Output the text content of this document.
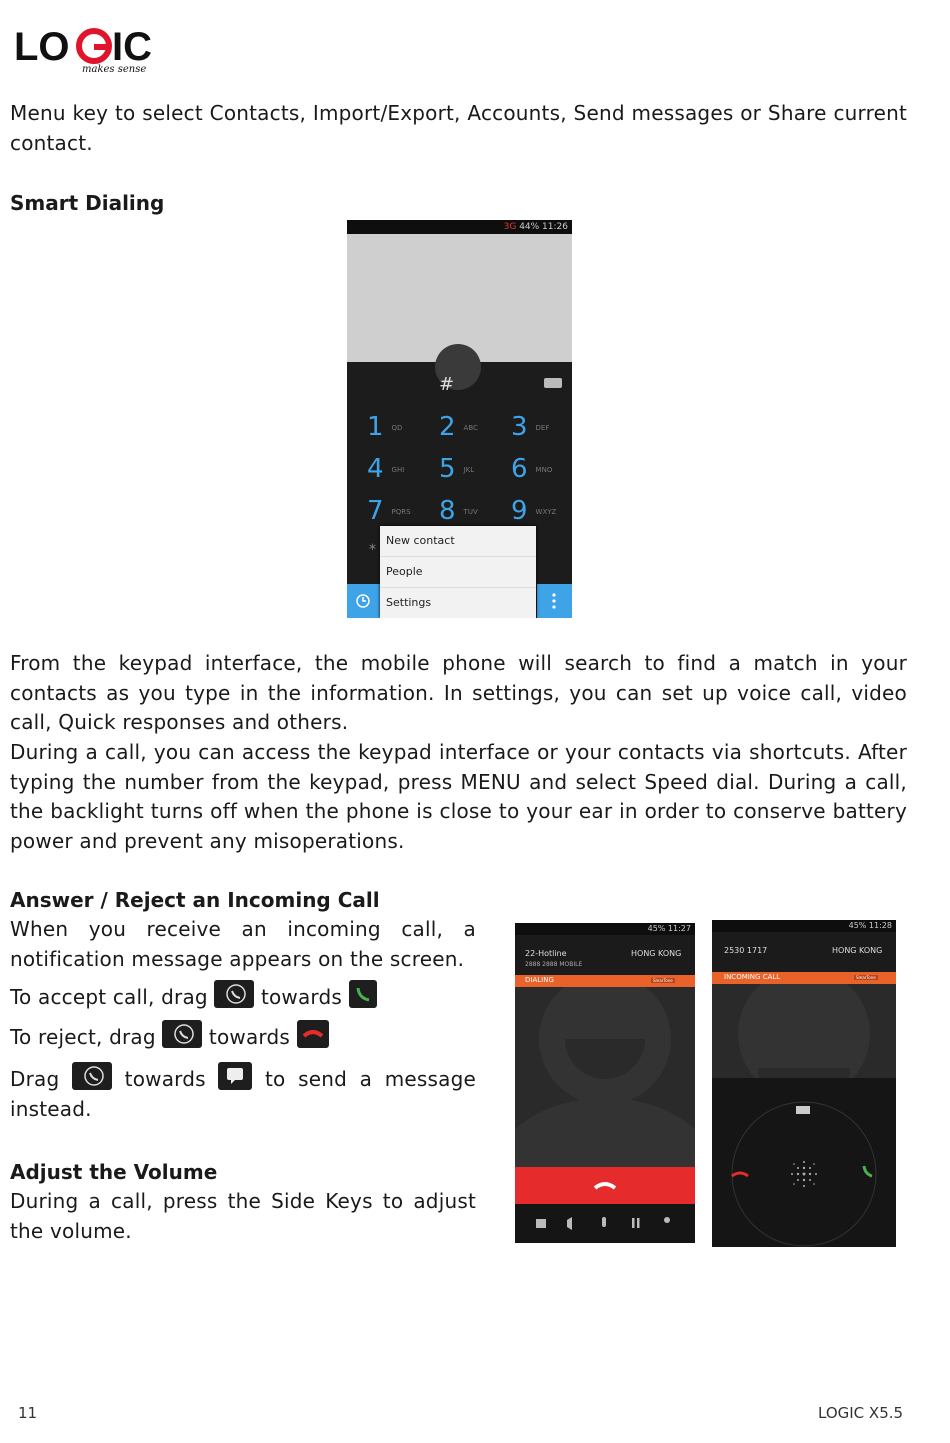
LO IC
makes sense
Menu key to select Contacts, Import/Export, Accounts, Send messages or Share current contact.
Smart Dialing
3G 44% 11:26
#
1 QD 2 ABC 3 DEF
4 GHI 5 JKL 6 MNO
7 PQRS 8 TUV 9 WXYZ
*
New contact
People
Settings
From the keypad interface, the mobile phone will search to find a match in your contacts as you type in the information. In settings, you can set up voice call, video call, Quick responses and others.
During a call, you can access the keypad interface or your contacts via shortcuts. After typing the number from the keypad, press MENU and select Speed dial. During a call, the backlight turns off when the phone is close to your ear in order to conserve battery power and prevent any misoperations.
Answer / Reject an Incoming Call
When you receive an incoming call, a notification message appears on the screen.
To accept call, drag	towards
To reject, drag	towards
Drag	towards	to send a message instead.
Adjust the Volume
During a call, press the Side Keys to adjust the volume.
45% 11:27
22-Hotline
2888 2888 MOBILE
HONG KONG
DIALING	SmarTone
45% 11:28
2530 1717	HONG KONG
INCOMING CALL	SmarTone
11	LOGIC X5.5
